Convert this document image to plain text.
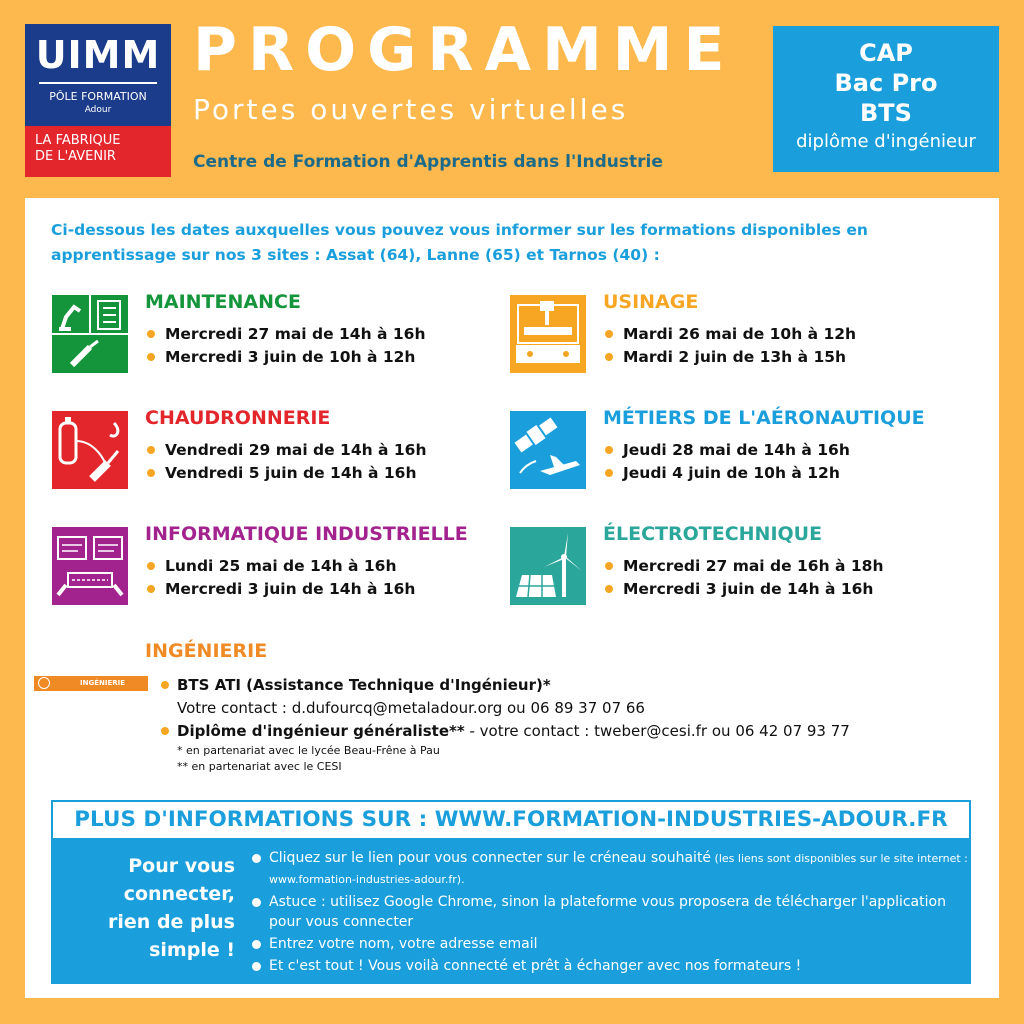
UIMM
PÔLE FORMATION
Adour
LA FABRIQUE
DE L'AVENIR
PROGRAMME
Portes ouvertes virtuelles
Centre de Formation d'Apprentis dans l'Industrie
CAP
Bac Pro
BTS
diplôme d'ingénieur
Ci-dessous les dates auxquelles vous pouvez vous informer sur les formations disponibles en apprentissage sur nos 3 sites : Assat (64), Lanne (65) et Tarnos (40) :
MAINTENANCE
Mercredi 27 mai de 14h à 16h
Mercredi 3 juin de 10h à 12h
USINAGE
Mardi 26 mai de 10h à 12h
Mardi 2 juin de 13h à 15h
CHAUDRONNERIE
Vendredi 29 mai de 14h à 16h
Vendredi 5 juin de 14h à 16h
MÉTIERS DE L'AÉRONAUTIQUE
Jeudi 28 mai de 14h à 16h
Jeudi 4 juin de 10h à 12h
INFORMATIQUE INDUSTRIELLE
Lundi 25 mai de 14h à 16h
Mercredi 3 juin de 14h à 16h
ÉLECTROTECHNIQUE
Mercredi 27 mai de 16h à 18h
Mercredi 3 juin de 14h à 16h
INGÉNIERIE
INGÉNIERIE	BTS ATI (Assistance Technique d'Ingénieur)*
Votre contact : d.dufourcq@metaladour.org ou 06 89 37 07 66
Diplôme d'ingénieur généraliste** - votre contact : tweber@cesi.fr ou 06 42 07 93 77
* en partenariat avec le lycée Beau-Frêne à Pau
** en partenariat avec le CESI
PLUS D'INFORMATIONS SUR : WWW.FORMATION-INDUSTRIES-ADOUR.FR
Pour vous
connecter,
rien de plus
simple !
Cliquez sur le lien pour vous connecter sur le créneau souhaité (les liens sont disponibles sur le site internet : www.formation-industries-adour.fr).
Astuce : utilisez Google Chrome, sinon la plateforme vous proposera de télécharger l'application pour vous connecter
Entrez votre nom, votre adresse email
Et c'est tout ! Vous voilà connecté et prêt à échanger avec nos formateurs !
